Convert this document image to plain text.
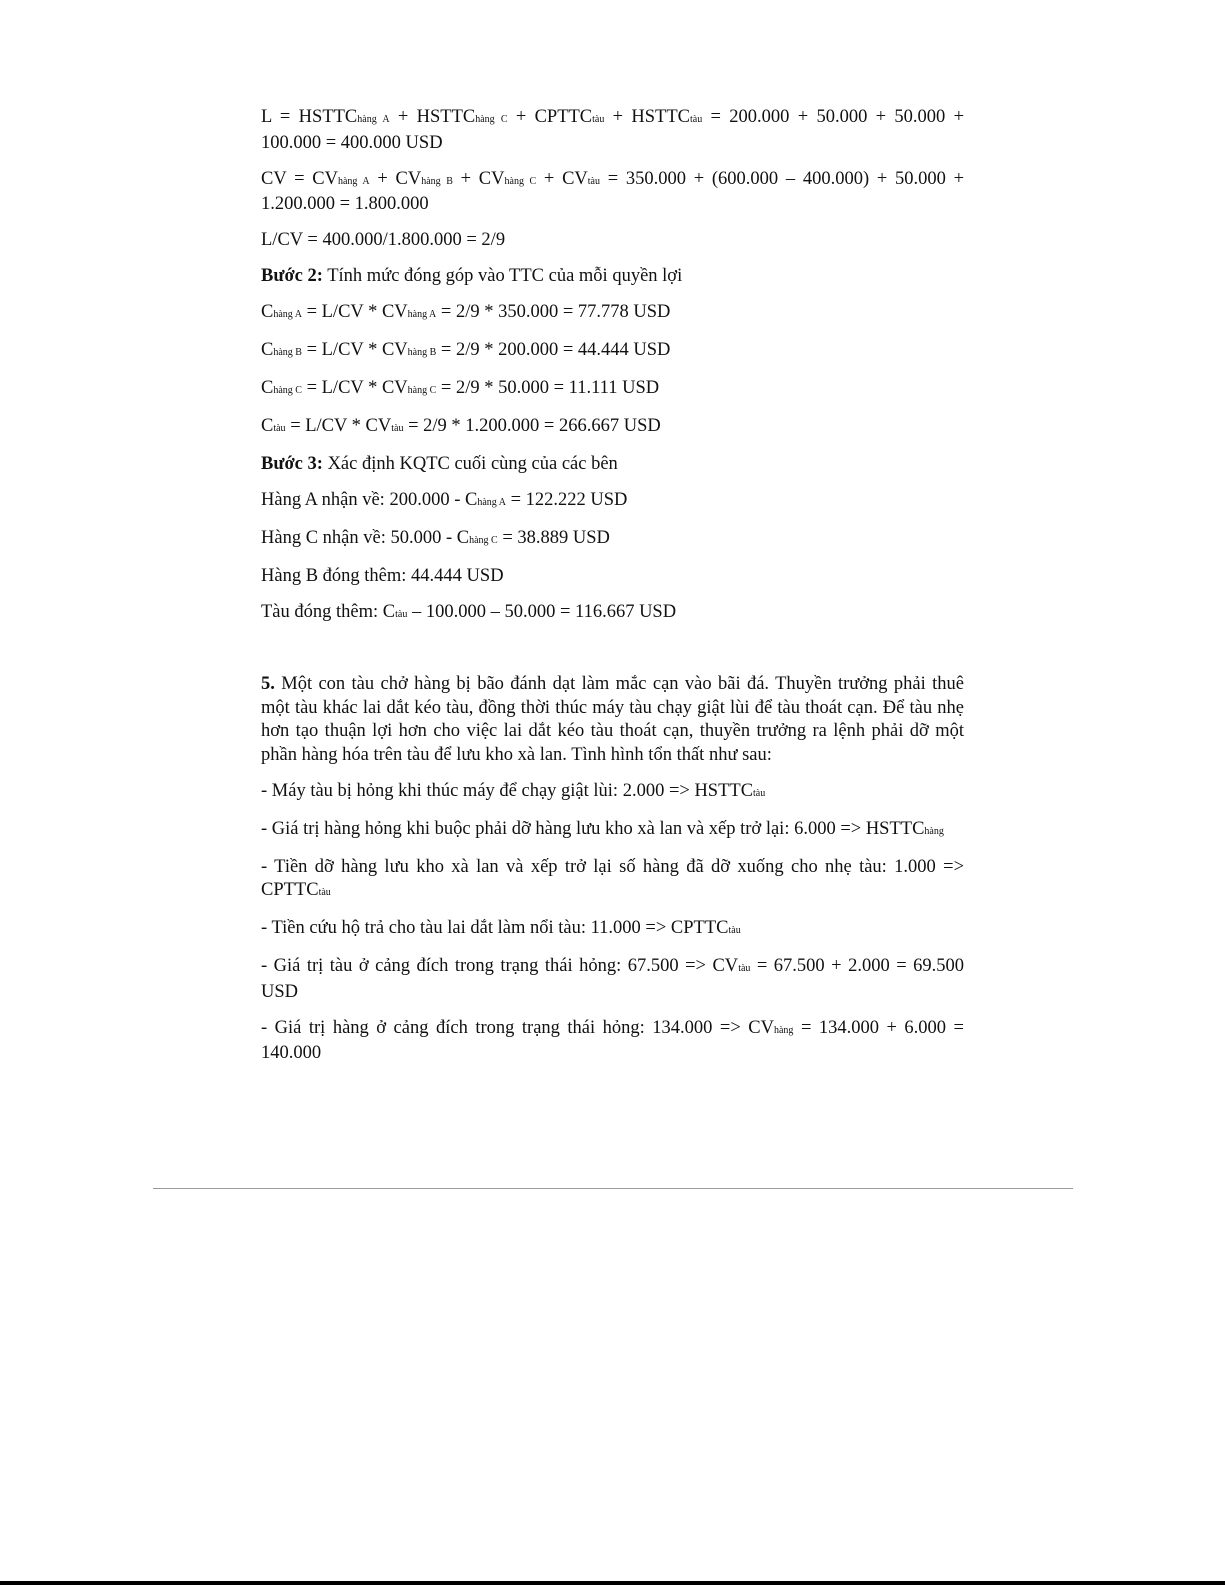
L = HSTTChàng A + HSTTChàng C + CPTTCtàu + HSTTCtàu = 200.000 + 50.000 + 50.000 + 100.000 = 400.000 USD

CV = CVhàng A + CVhàng B + CVhàng C + CVtàu = 350.000 + (600.000 – 400.000) + 50.000 + 1.200.000 = 1.800.000

L/CV = 400.000/1.800.000 = 2/9

Bước 2: Tính mức đóng góp vào TTC của mỗi quyền lợi

Chàng A = L/CV * CVhàng A = 2/9 * 350.000 = 77.778 USD

Chàng B = L/CV * CVhàng B = 2/9 * 200.000 = 44.444 USD

Chàng C = L/CV * CVhàng C = 2/9 * 50.000 = 11.111 USD

Ctàu = L/CV * CVtàu = 2/9 * 1.200.000 = 266.667 USD

Bước 3: Xác định KQTC cuối cùng của các bên

Hàng A nhận về: 200.000 - Chàng A = 122.222 USD

Hàng C nhận về: 50.000 - Chàng C = 38.889 USD

Hàng B đóng thêm: 44.444 USD

Tàu đóng thêm: Ctàu – 100.000 – 50.000 = 116.667 USD

5. Một con tàu chở hàng bị bão đánh dạt làm mắc cạn vào bãi đá. Thuyền trưởng phải thuê một tàu khác lai dắt kéo tàu, đồng thời thúc máy tàu chạy giật lùi để tàu thoát cạn. Để tàu nhẹ hơn tạo thuận lợi hơn cho việc lai dắt kéo tàu thoát cạn, thuyền trưởng ra lệnh phải dỡ một phần hàng hóa trên tàu để lưu kho xà lan. Tình hình tổn thất như sau:

- Máy tàu bị hỏng khi thúc máy để chạy giật lùi: 2.000 => HSTTCtàu

- Giá trị hàng hỏng khi buộc phải dỡ hàng lưu kho xà lan và xếp trở lại: 6.000 => HSTTChàng

- Tiền dỡ hàng lưu kho xà lan và xếp trở lại số hàng đã dỡ xuống cho nhẹ tàu: 1.000 => CPTTCtàu

- Tiền cứu hộ trả cho tàu lai dắt làm nổi tàu: 11.000 => CPTTCtàu

- Giá trị tàu ở cảng đích trong trạng thái hỏng: 67.500 => CVtàu = 67.500 + 2.000 = 69.500 USD

- Giá trị hàng ở cảng đích trong trạng thái hỏng: 134.000 => CVhàng = 134.000 + 6.000 = 140.000
